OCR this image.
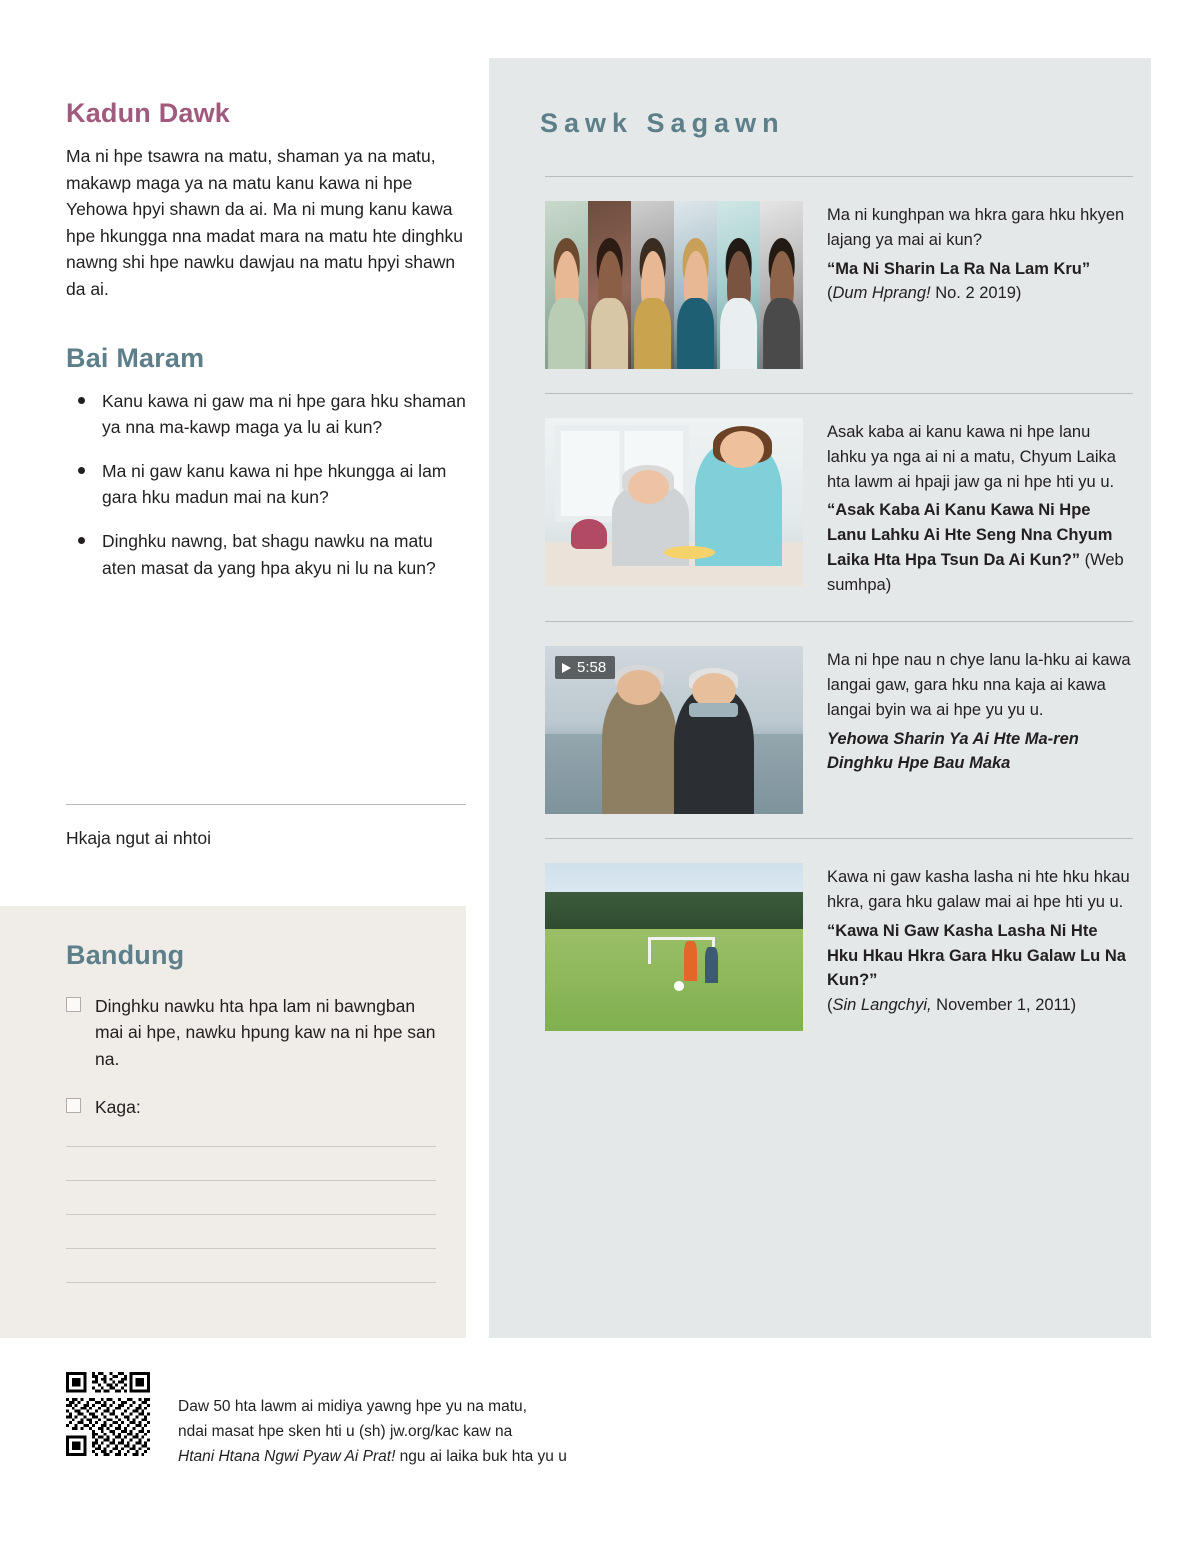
Kadun Dawk

Ma ni hpe tsawra na matu, shaman ya na matu, makawp maga ya na matu kanu kawa ni hpe Yehowa hpyi shawn da ai. Ma ni mung kanu kawa hpe hkungga nna madat mara na matu hte dinghku nawng shi hpe nawku dawjau na matu hpyi shawn da ai.

Bai Maram
Kanu kawa ni gaw ma ni hpe gara hku shaman ya nna ma-kawp maga ya lu ai kun?
Ma ni gaw kanu kawa ni hpe hkungga ai lam gara hku madun mai na kun?
Dinghku nawng, bat shagu nawku na matu aten masat da yang hpa akyu ni lu na kun?
Hkaja ngut ai nhtoi
Bandung
Dinghku nawku hta hpa lam ni bawngban mai ai hpe, nawku hpung kaw na ni hpe san na.
Kaga:
Sawk Sagawn

Ma ni kunghpan wa hkra gara hku hkyen lajang ya mai ai kun?

“Ma Ni Sharin La Ra Na Lam Kru” (Dum Hprang! No. 2 2019)

Asak kaba ai kanu kawa ni hpe lanu lahku ya nga ai ni a matu, Chyum Laika hta lawm ai hpaji jaw ga ni hpe hti yu u.

“Asak Kaba Ai Kanu Kawa Ni Hpe Lanu Lahku Ai Hte Seng Nna Chyum Laika Hta Hpa Tsun Da Ai Kun?” (Web sumhpa)

5:58	Ma ni hpe nau n chye lanu la-hku ai kawa langai gaw, gara hku nna kaja ai kawa langai byin wa ai hpe yu yu u.

Yehowa Sharin Ya Ai Hte Ma-ren Dinghku Hpe Bau Maka

Kawa ni gaw kasha lasha ni hte hku hkau hkra, gara hku galaw mai ai hpe hti yu u.

“Kawa Ni Gaw Kasha Lasha Ni Hte Hku Hkau Hkra Gara Hku Galaw Lu Na Kun?”
(Sin Langchyi, November 1, 2011)

Daw 50 hta lawm ai midiya yawng hpe yu na matu,
ndai masat hpe sken hti u (sh) jw.org/kac kaw na
Htani Htana Ngwi Pyaw Ai Prat! ngu ai laika buk hta yu u
